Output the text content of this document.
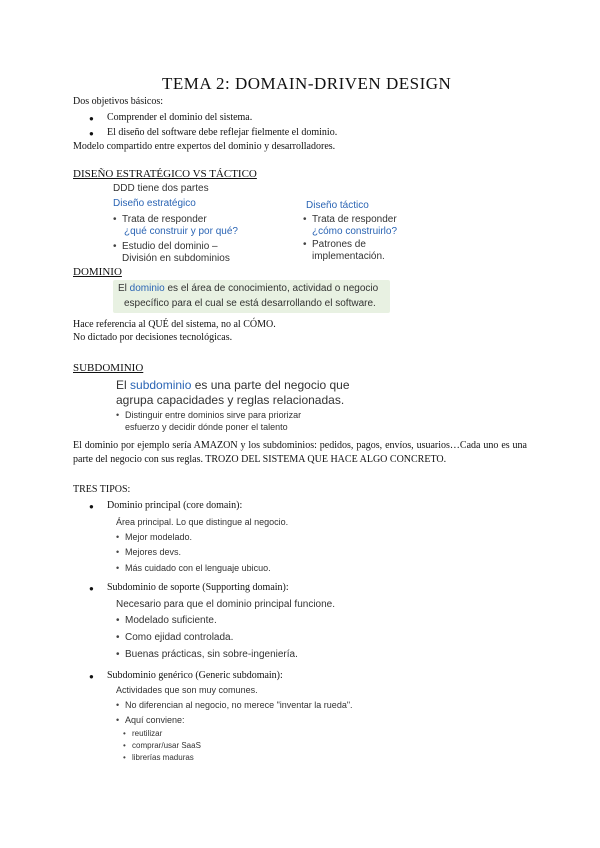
TEMA 2: DOMAIN-DRIVEN DESIGN
Dos objetivos básicos:
● Comprender el dominio del sistema.
● El diseño del software debe reflejar fielmente el dominio.
Modelo compartido entre expertos del dominio y desarrolladores.
DISEÑO ESTRATÉGICO VS TÁCTICO
DDD tiene dos partes
Diseño estratégico
• Trata de responder
¿qué construir y por qué?
• Estudio del dominio –
División en subdominios
Diseño táctico
• Trata de responder
¿cómo construirlo?
• Patrones de
implementación.
DOMINIO
El dominio es el área de conocimiento, actividad o negocio
específico para el cual se está desarrollando el software.
Hace referencia al QUÉ del sistema, no al CÓMO.
No dictado por decisiones tecnológicas.
SUBDOMINIO
El subdominio es una parte del negocio que
agrupa capacidades y reglas relacionadas.
• Distinguir entre dominios sirve para priorizar
esfuerzo y decidir dónde poner el talento
El dominio por ejemplo sería AMAZON y los subdominios: pedidos, pagos, envíos, usuarios…Cada uno es una parte del negocio con sus reglas. TROZO DEL SISTEMA QUE HACE ALGO CONCRETO.
TRES TIPOS:
● Dominio principal (core domain):
Área principal. Lo que distingue al negocio.
• Mejor modelado.
• Mejores devs.
• Más cuidado con el lenguaje ubicuo.
● Subdominio de soporte (Supporting domain):
Necesario para que el dominio principal funcione.
• Modelado suficiente.
• Como ejidad controlada.
• Buenas prácticas, sin sobre-ingeniería.
● Subdominio genérico (Generic subdomain):
Actividades que son muy comunes.
• No diferencian al negocio, no merece "inventar la rueda".
• Aquí conviene:
• reutilizar
• comprar/usar SaaS
• librerías maduras
